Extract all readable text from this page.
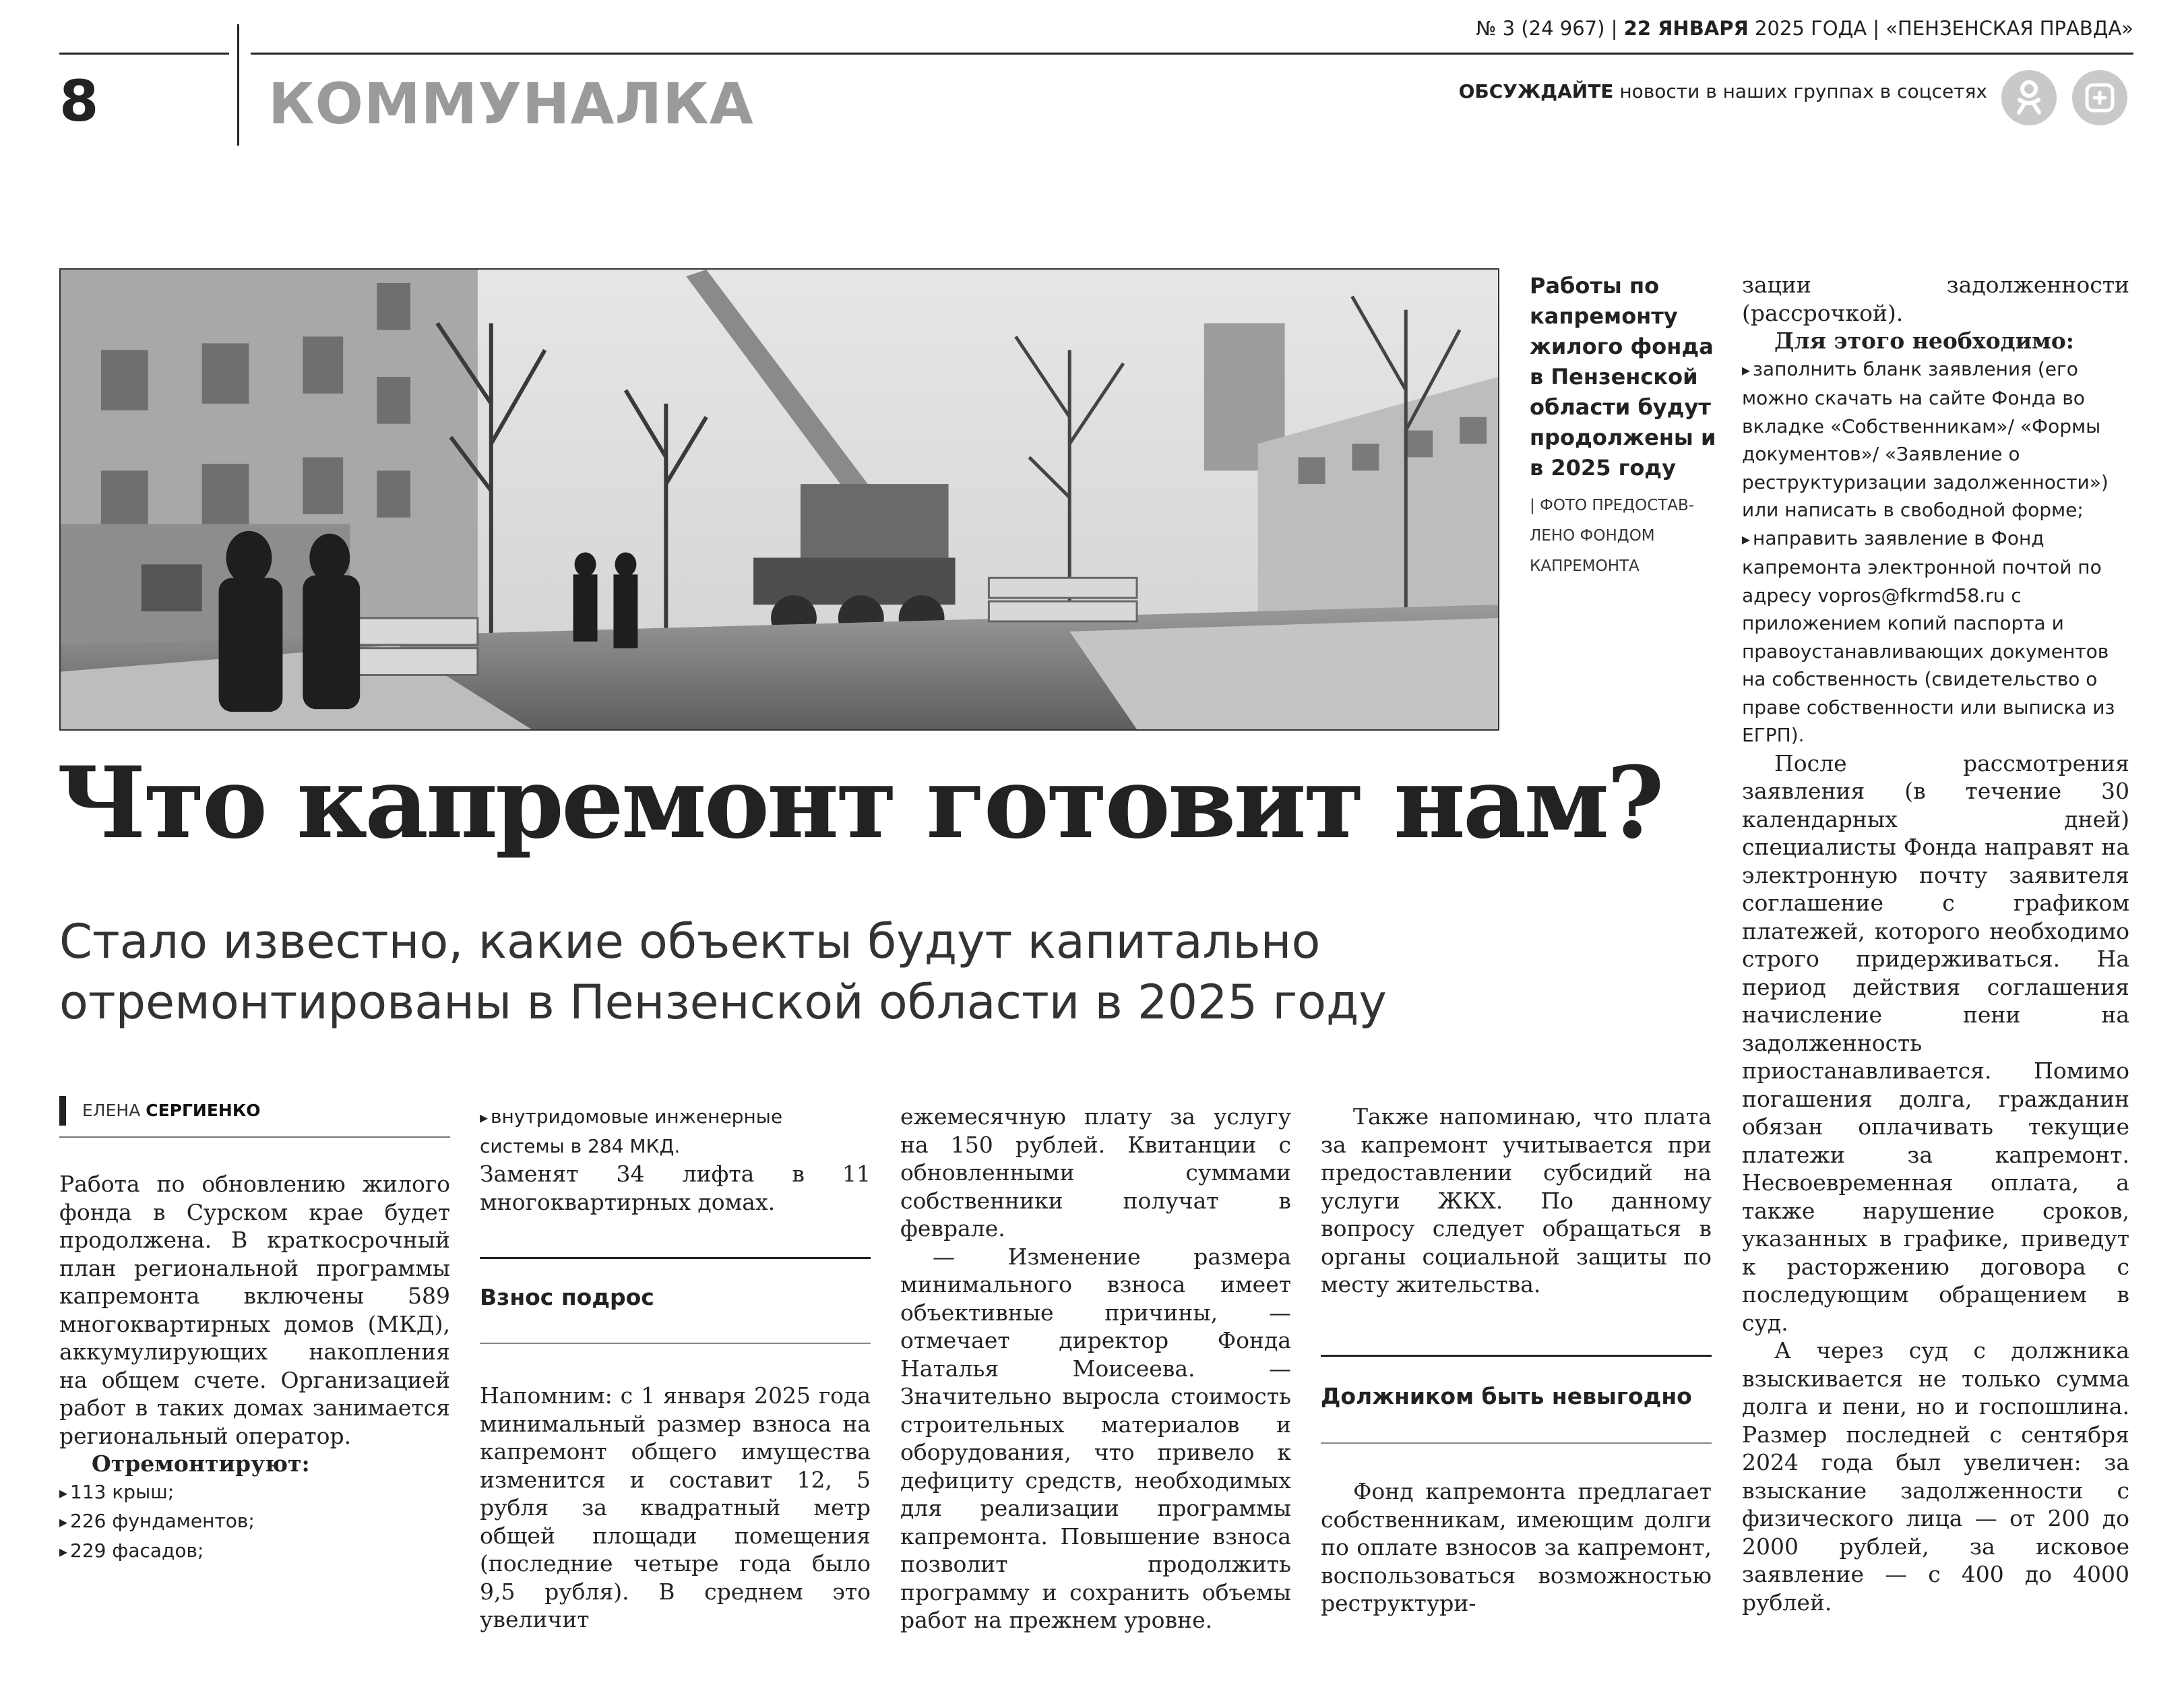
8	КОММУНАЛКА
№ 3 (24 967) | 22 ЯНВАРЯ 2025 ГОДА | «ПЕНЗЕНСКАЯ ПРАВДА»
ОБСУЖДАЙТЕ новости в наших группах в соцсетях
Работы по капремонту жилого фонда в Пензенской области будут продолжены и в 2025 году
| ФОТО ПРЕДОСТАВ-ЛЕНО ФОНДОМ КАПРЕМОНТА
Что капремонт готовит нам?
Стало известно, какие объекты будут капитально отремонтированы в Пензенской области в 2025 году
ЕЛЕНА СЕРГИЕНКО

Работа по обновлению жилого фонда в Сурском крае будет продолжена. В краткосрочный план региональной программы капремонта включены 589 многоквартирных домов (МКД), аккумулирующих накопления на общем счете. Организацией работ в таких домах занимается региональный оператор.

Отремонтируют:

▸ 113 крыш;

▸ 226 фундаментов;

▸ 229 фасадов;

▸ внутридомовые инженерные системы в 284 МКД.

Заменят 34 лифта в 11 многоквартирных домах.

Взнос подрос

Напомним: с 1 января 2025 года минимальный размер взноса на капремонт общего имущества изменится и составит 12, 5 рубля за квадратный метр общей площади помещения (последние четыре года было 9,5 рубля). В среднем это увеличит

ежемесячную плату за услугу на 150 рублей. Квитанции с обновленными суммами собственники получат в феврале.

— Изменение размера минимального взноса имеет объективные причины, — отмечает директор Фонда Наталья Моисеева. — Значительно выросла стоимость строительных материалов и оборудования, что привело к дефициту средств, необходимых для реализации программы капремонта. Повышение взноса позволит продолжить программу и сохранить объемы работ на прежнем уровне.

Также напоминаю, что плата за капремонт учитывается при предоставлении субсидий на услуги ЖКХ. По данному вопросу следует обращаться в органы социальной защиты по месту жительства.

Должником быть невыгодно

Фонд капремонта предлагает собственникам, имеющим долги по оплате взносов за капремонт, воспользоваться возможностью реструктури-

зации задолженности (рассрочкой).

Для этого необходимо:

▸ заполнить бланк заявления (его можно скачать на сайте Фонда во вкладке «Собственникам»/ «Формы документов»/ «Заявление о реструктуризации задолженности») или написать в свободной форме;

▸ направить заявление в Фонд капремонта электронной почтой по адресу vopros@fkrmd58.ru с приложением копий паспорта и правоустанавливающих документов на собственность (свидетельство о праве собственности или выписка из ЕГРП).

После рассмотрения заявления (в течение 30 календарных дней) специалисты Фонда направят на электронную почту заявителя соглашение с графиком платежей, которого необходимо строго придерживаться. На период действия соглашения начисление пени на задолженность приостанавливается. Помимо погашения долга, гражданин обязан оплачивать текущие платежи за капремонт. Несвоевременная оплата, а также нарушение сроков, указанных в графике, приведут к расторжению договора с последующим обращением в суд.

А через суд с должника взыскивается не только сумма долга и пени, но и госпошлина. Размер последней с сентября 2024 года был увеличен: за взыскание задолженности с физического лица — от 200 до 2000 рублей, за исковое заявление — с 400 до 4000 рублей.
